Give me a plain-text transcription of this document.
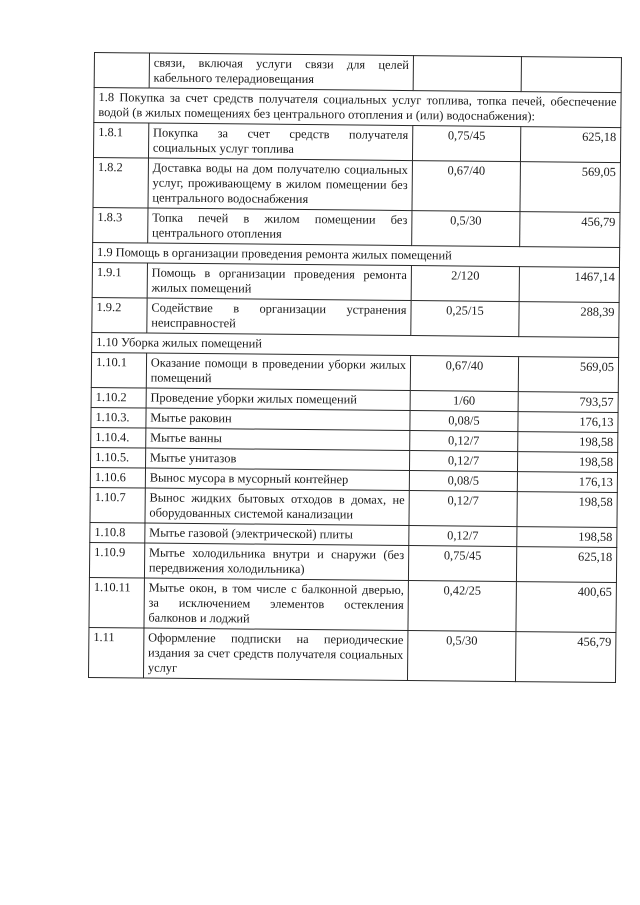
	связи, включая услуги связи для целей кабельного телерадиовещания		
1.8 Покупка за счет средств получателя социальных услуг топлива, топка печей, обеспечение водой (в жилых помещениях без центрального отопления и (или) водоснабжения):			
1.8.1	Покупка за счет средств получателя социальных услуг топлива	0,75/45	625,18
1.8.2	Доставка воды на дом получателю социальных услуг, проживающему в жилом помещении без центрального водоснабжения	0,67/40	569,05
1.8.3	Топка печей в жилом помещении без центрального отопления	0,5/30	456,79
1.9 Помощь в организации проведения ремонта жилых помещений			
1.9.1	Помощь в организации проведения ремонта жилых помещений	2/120	1467,14
1.9.2	Содействие в организации устранения неисправностей	0,25/15	288,39
1.10 Уборка жилых помещений			
1.10.1	Оказание помощи в проведении уборки жилых помещений	0,67/40	569,05
1.10.2	Проведение уборки жилых помещений	1/60	793,57
1.10.3.	Мытье раковин	0,08/5	176,13
1.10.4.	Мытье ванны	0,12/7	198,58
1.10.5.	Мытье унитазов	0,12/7	198,58
1.10.6	Вынос мусора в мусорный контейнер	0,08/5	176,13
1.10.7	Вынос жидких бытовых отходов в домах, не оборудованных системой канализации	0,12/7	198,58
1.10.8	Мытье газовой (электрической) плиты	0,12/7	198,58
1.10.9	Мытье холодильника внутри и снаружи (без передвижения холодильника)	0,75/45	625,18
1.10.11	Мытье окон, в том числе с балконной дверью, за исключением элементов остекления балконов и лоджий	0,42/25	400,65
1.11	Оформление подписки на периодические издания за счет средств получателя социальных услуг	0,5/30	456,79
